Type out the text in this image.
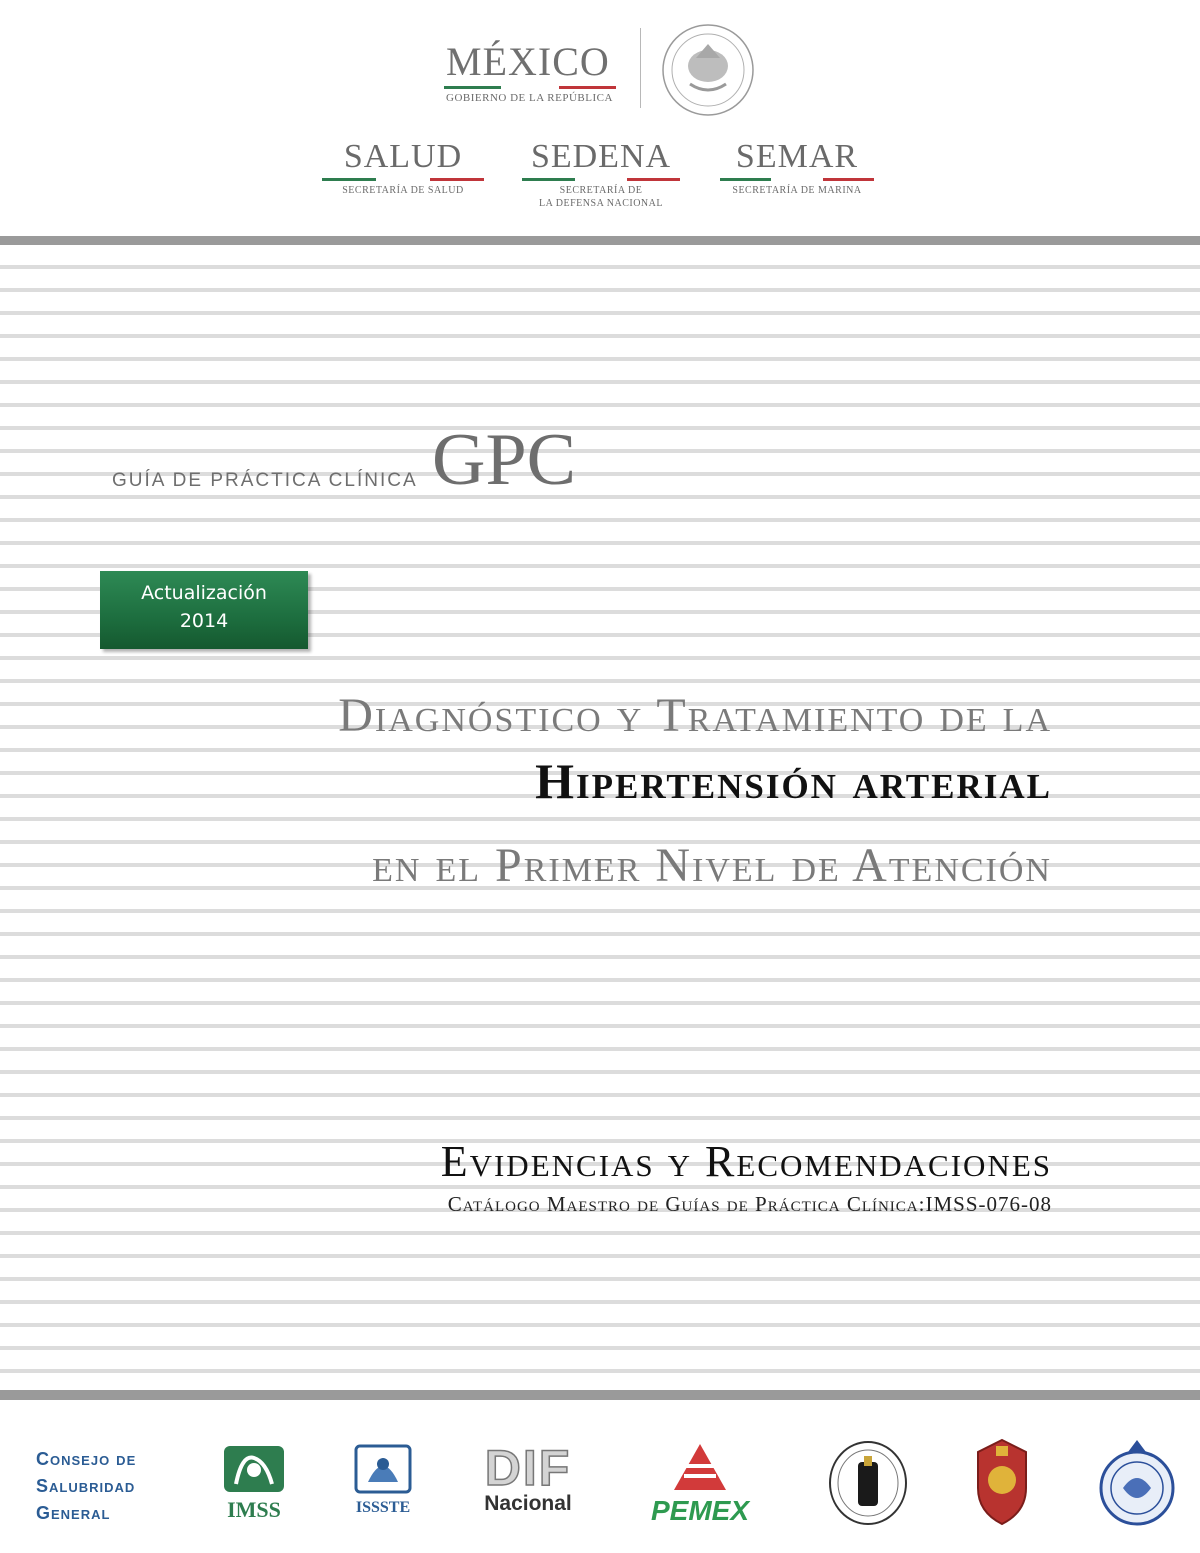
MÉXICO
GOBIERNO DE LA REPÚBLICA
SALUD
SECRETARÍA DE SALUD
SEDENA
SECRETARÍA DE
LA DEFENSA NACIONAL
SEMAR
SECRETARÍA DE MARINA
GUÍA DE PRÁCTICA CLÍNICA GPC
Actualización
2014
Diagnóstico y Tratamiento de la
Hipertensión arterial
en el Primer Nivel de Atención
Evidencias y Recomendaciones
Catálogo Maestro de Guías de Práctica Clínica:IMSS-076-08
Consejo de
Salubridad
General	IMSS	ISSSTE
DIF
Nacional	PEMEX
